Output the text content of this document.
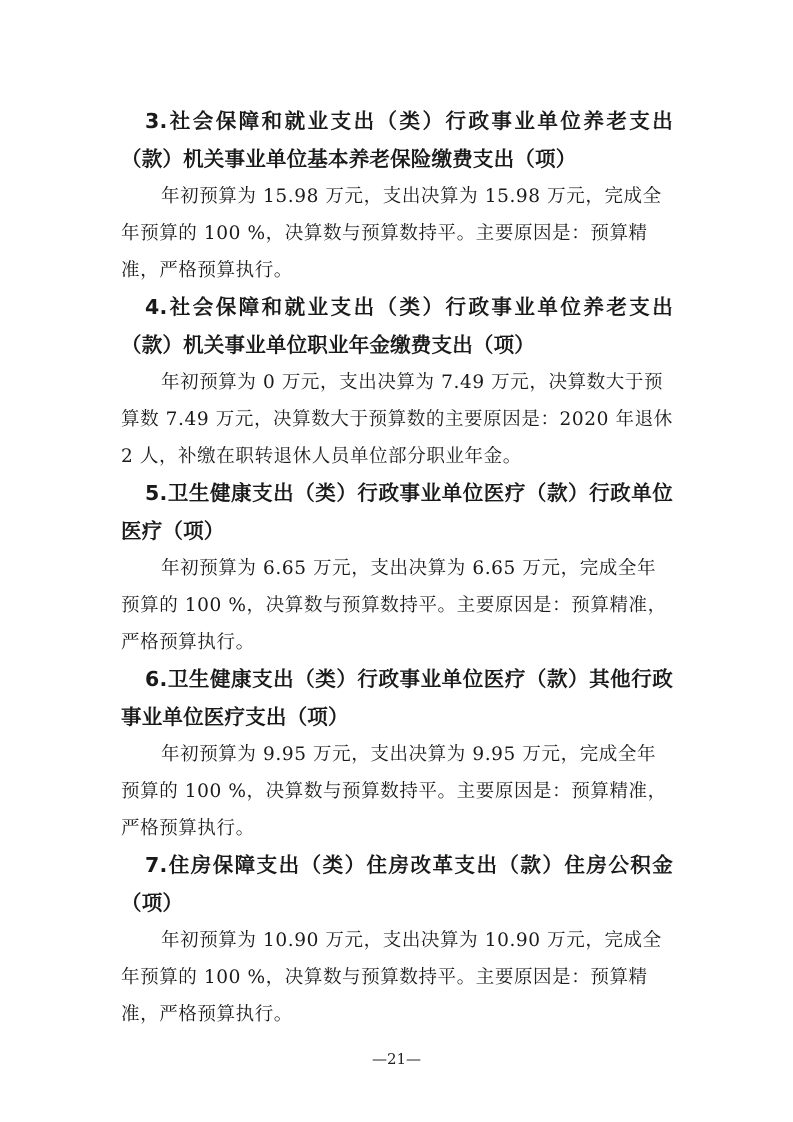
3.社会保障和就业支出（类）行政事业单位养老支出（款）机关事业单位基本养老保险缴费支出（项）

年初预算为 15.98 万元，支出决算为 15.98 万元，完成全年预算的 100 %，决算数与预算数持平。主要原因是：预算精准，严格预算执行。

4.社会保障和就业支出（类）行政事业单位养老支出（款）机关事业单位职业年金缴费支出（项）

年初预算为 0 万元，支出决算为 7.49 万元，决算数大于预算数 7.49 万元，决算数大于预算数的主要原因是：2020 年退休 2 人，补缴在职转退休人员单位部分职业年金。

5.卫生健康支出（类）行政事业单位医疗（款）行政单位医疗（项）

年初预算为 6.65 万元，支出决算为 6.65 万元，完成全年预算的 100 %，决算数与预算数持平。主要原因是：预算精准，严格预算执行。

6.卫生健康支出（类）行政事业单位医疗（款）其他行政事业单位医疗支出（项）

年初预算为 9.95 万元，支出决算为 9.95 万元，完成全年预算的 100 %，决算数与预算数持平。主要原因是：预算精准，严格预算执行。

7.住房保障支出（类）住房改革支出（款）住房公积金（项）

年初预算为 10.90 万元，支出决算为 10.90 万元，完成全年预算的 100 %，决算数与预算数持平。主要原因是：预算精准，严格预算执行。

—21—
